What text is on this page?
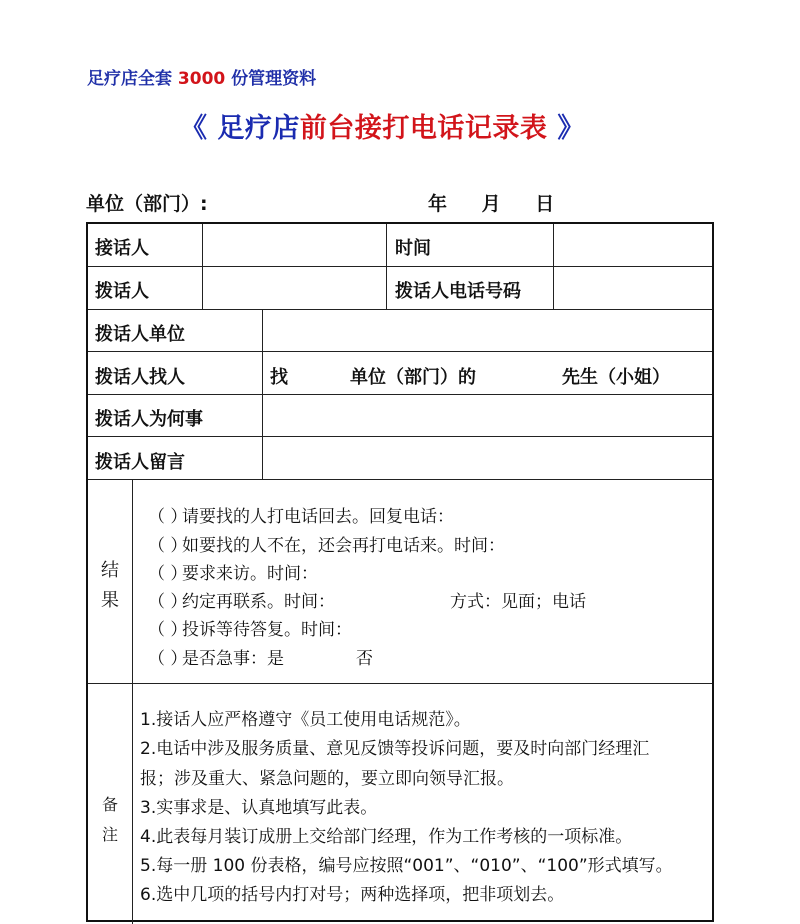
足疗店全套 3000 份管理资料
《 足疗店前台接打电话记录表 》
单位（部门）:	年 月 日
接话人	时间
拨话人	拨话人电话号码
拨话人单位
拨话人找人	找	单位（部门）的	先生（小姐）
拨话人为何事
拨话人留言
结
果
（ ）请要找的人打电话回去。回复电话：
（ ）如要找的人不在，还会再打电话来。时间：
（ ）要求来访。时间：
（ ）约定再联系。时间：	方式：见面；电话
（ ）投诉等待答复。时间：
（ ）是否急事：是	否
备
注
1.接话人应严格遵守《员工使用电话规范》。
2.电话中涉及服务质量、意见反馈等投诉问题，要及时向部门经理汇
报；涉及重大、紧急问题的，要立即向领导汇报。
3.实事求是、认真地填写此表。
4.此表每月装订成册上交给部门经理，作为工作考核的一项标准。
5.每一册 100 份表格，编号应按照“001”、“010”、“100”形式填写。
6.选中几项的括号内打对号；两种选择项，把非项划去。
